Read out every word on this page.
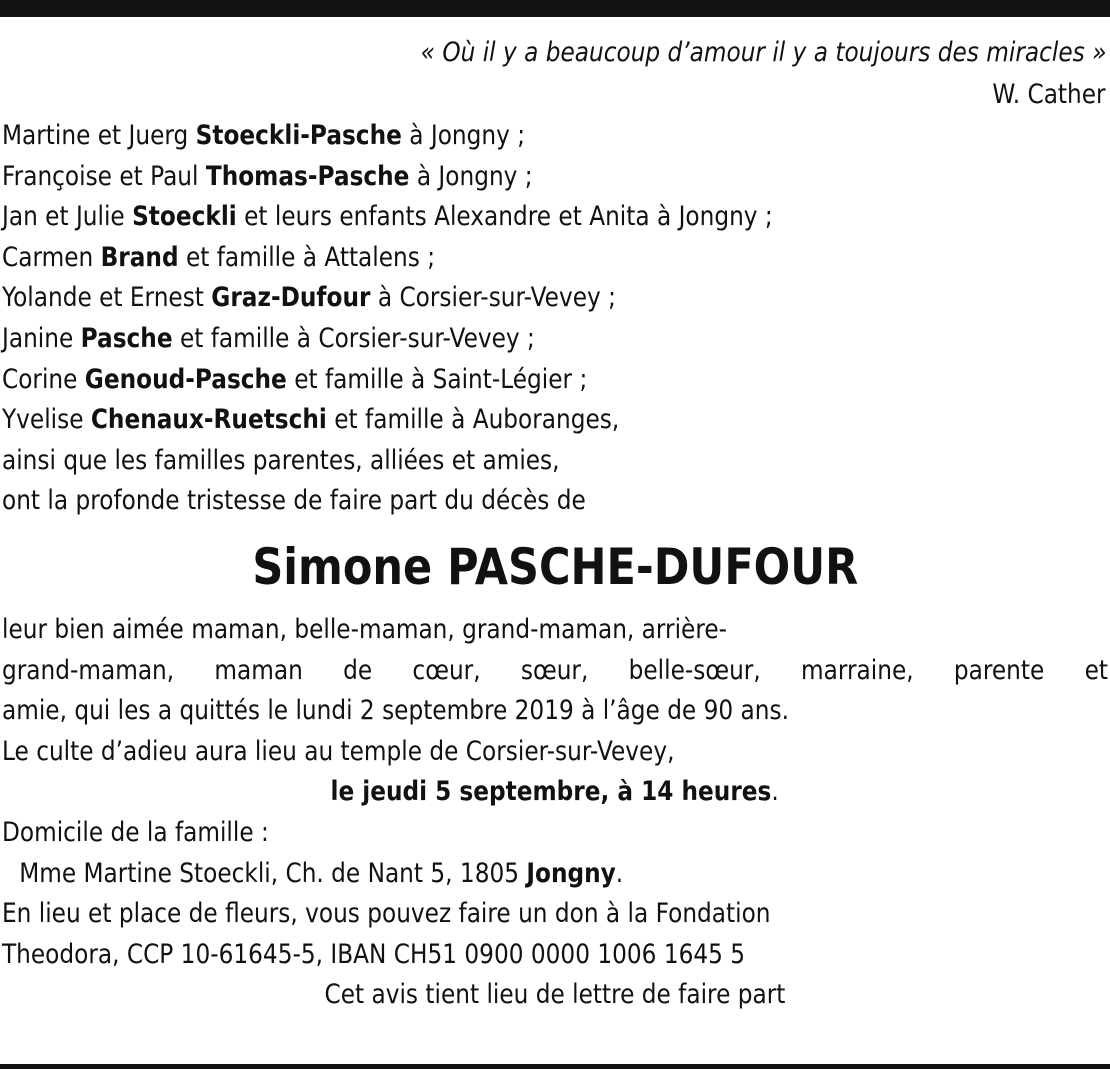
« Où il y a beaucoup d’amour il y a toujours des miracles »
W. Cather
Martine et Juerg Stoeckli-Pasche à Jongny ;
Françoise et Paul Thomas-Pasche à Jongny ;
Jan et Julie Stoeckli et leurs enfants Alexandre et Anita à Jongny ;
Carmen Brand et famille à Attalens ;
Yolande et Ernest Graz-Dufour à Corsier-sur-Vevey ;
Janine Pasche et famille à Corsier-sur-Vevey ;
Corine Genoud-Pasche et famille à Saint-Légier ;
Yvelise Chenaux-Ruetschi et famille à Auboranges,
ainsi que les familles parentes, alliées et amies,
ont la profonde tristesse de faire part du décès de
Simone PASCHE-DUFOUR
leur bien aimée maman, belle-maman, grand-maman, arrière-
grand-maman, maman de cœur, sœur, belle-sœur, marraine, parente et
amie, qui les a quittés le lundi 2 septembre 2019 à l’âge de 90 ans.
Le culte d’adieu aura lieu au temple de Corsier-sur-Vevey,
le jeudi 5 septembre, à 14 heures.
Domicile de la famille :
Mme Martine Stoeckli, Ch. de Nant 5, 1805 Jongny.
En lieu et place de fleurs, vous pouvez faire un don à la Fondation
Theodora, CCP 10-61645-5, IBAN CH51 0900 0000 1006 1645 5
Cet avis tient lieu de lettre de faire part
